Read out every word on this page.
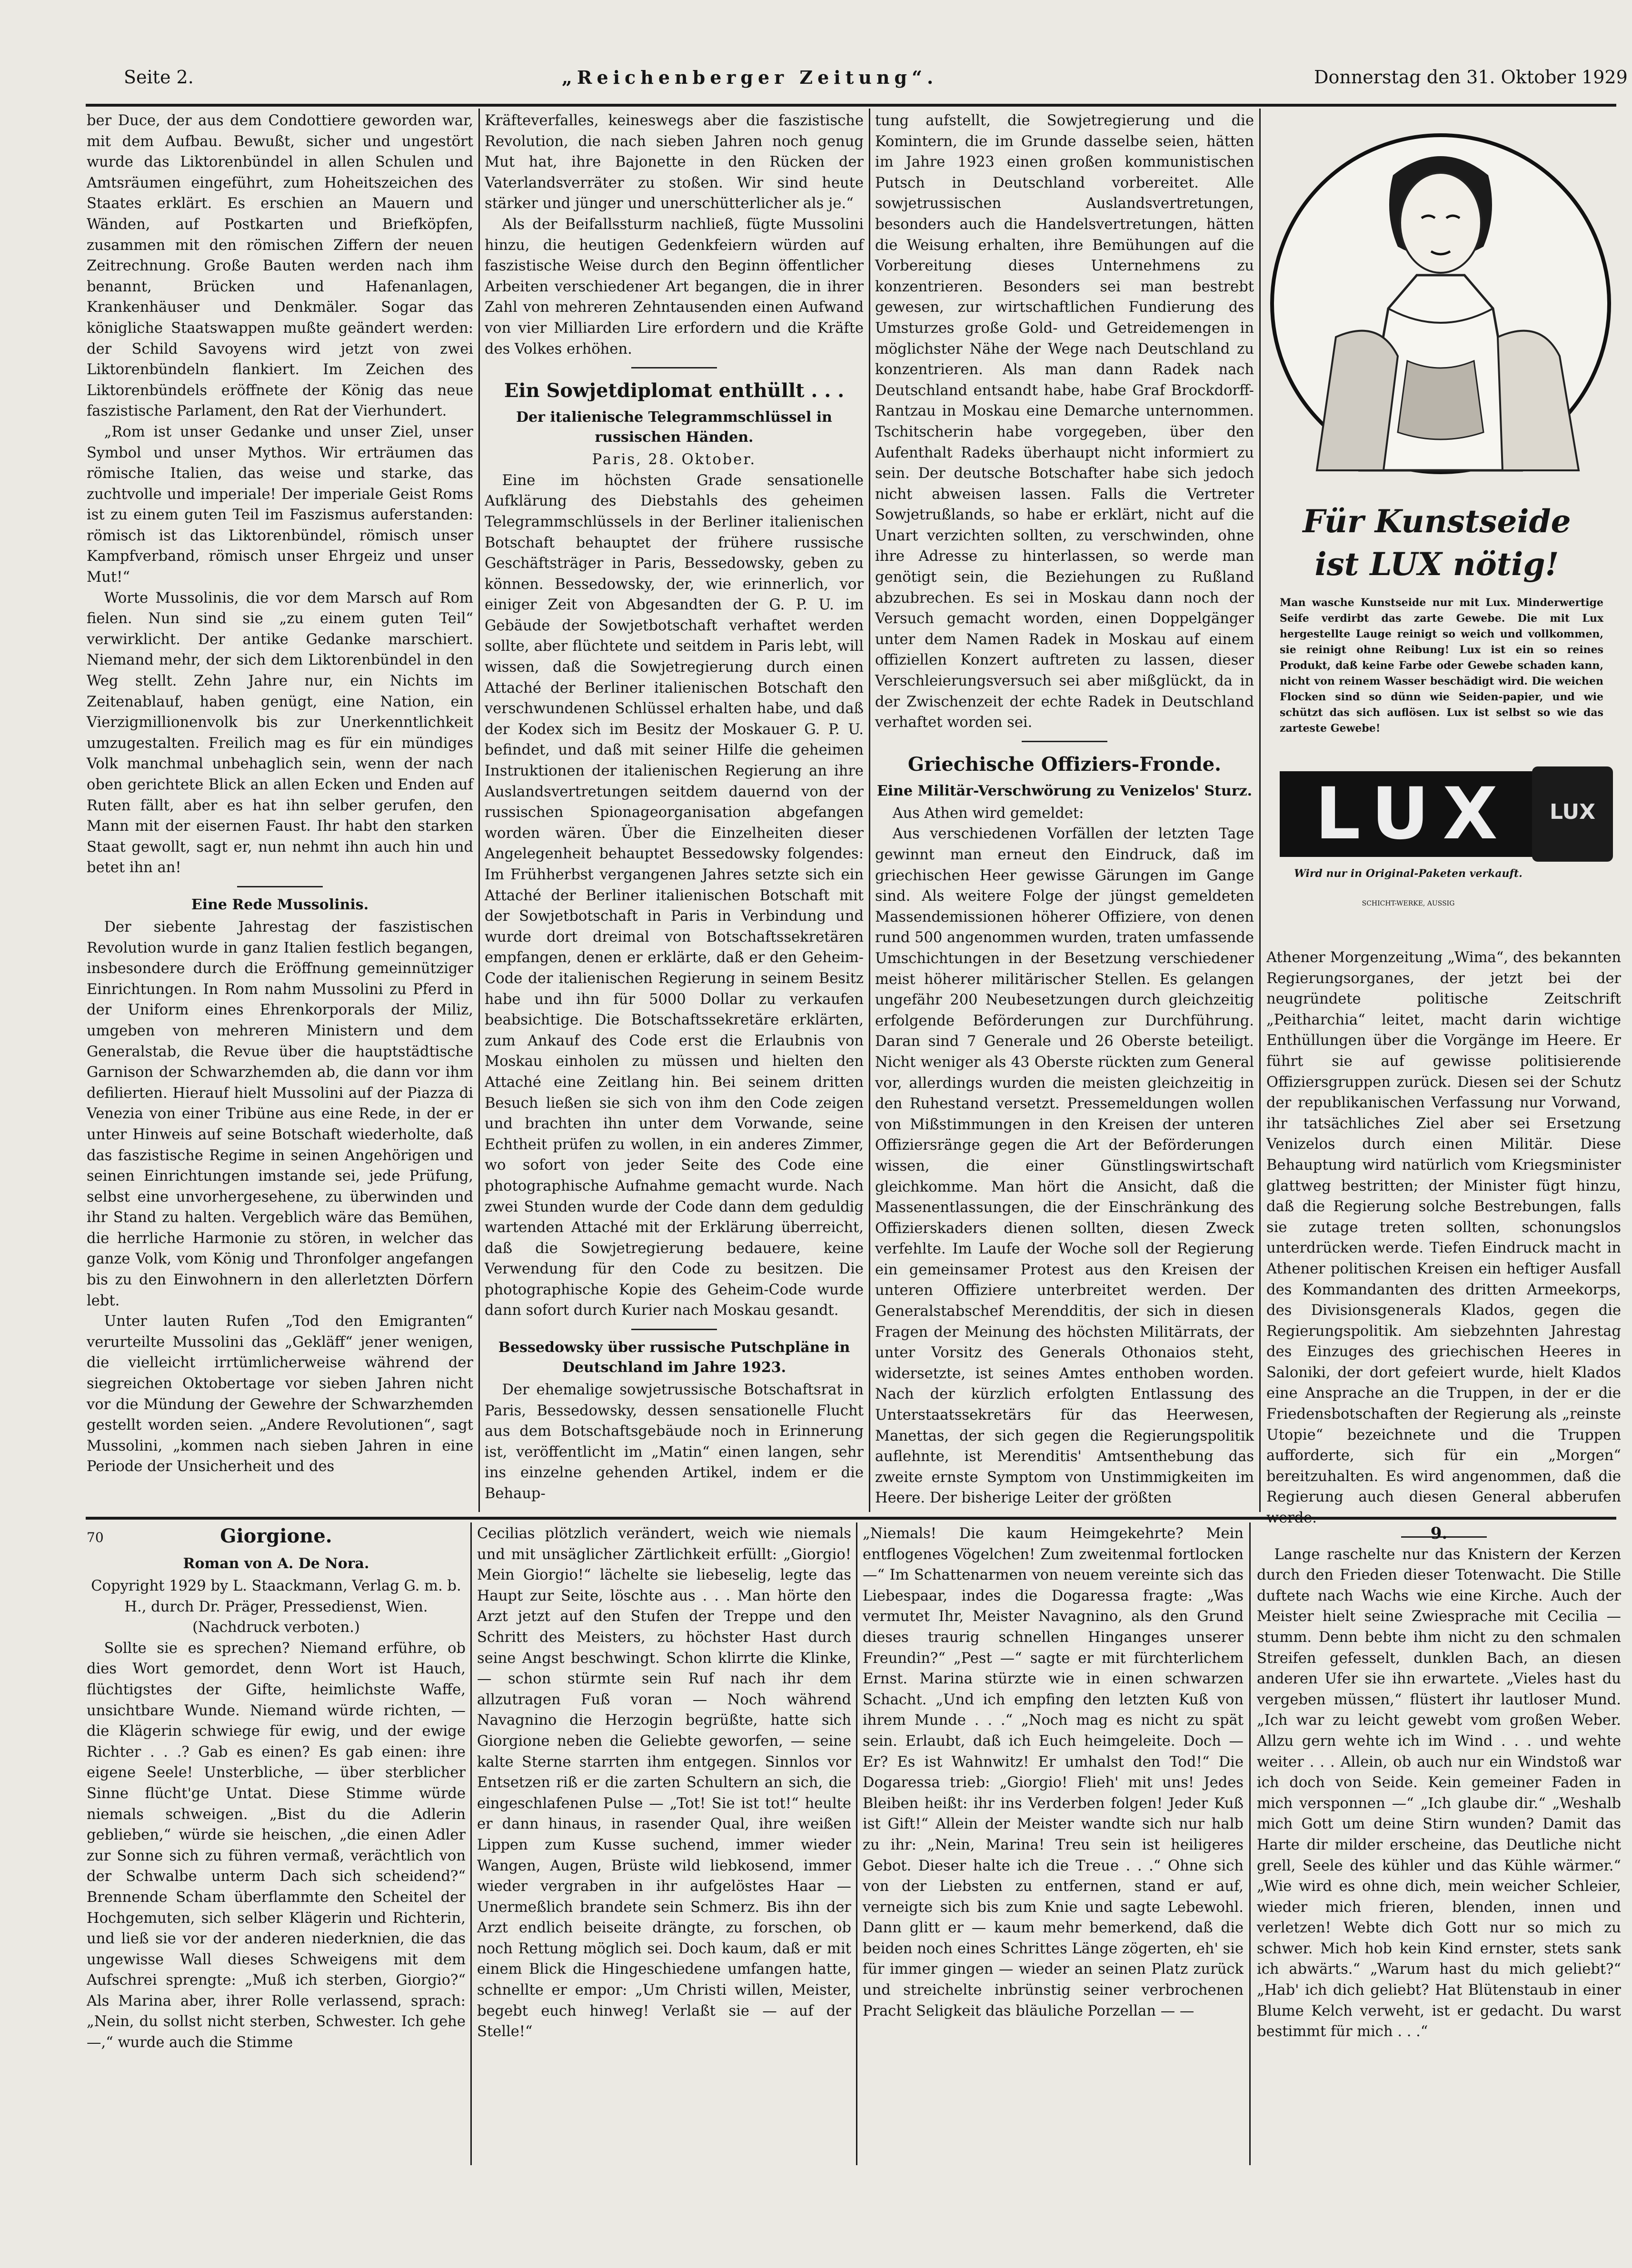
Seite 2.	„Reichenberger Zeitung“.	Donnerstag den 31. Oktober 1929

ber Duce, der aus dem Condottiere geworden war, mit dem Aufbau. Bewußt, sicher und ungestört wurde das Liktorenbündel in allen Schulen und Amtsräumen eingeführt, zum Hoheitszeichen des Staates erklärt. Es erschien an Mauern und Wänden, auf Postkarten und Briefköpfen, zusammen mit den römischen Ziffern der neuen Zeitrechnung. Große Bauten werden nach ihm benannt, Brücken und Hafenanlagen, Krankenhäuser und Denkmäler. Sogar das königliche Staatswappen mußte geändert werden: der Schild Savoyens wird jetzt von zwei Liktorenbündeln flankiert. Im Zeichen des Liktorenbündels eröffnete der König das neue faszistische Parlament, den Rat der Vierhundert.

„Rom ist unser Gedanke und unser Ziel, unser Symbol und unser Mythos. Wir erträumen das römische Italien, das weise und starke, das zuchtvolle und imperiale! Der imperiale Geist Roms ist zu einem guten Teil im Faszismus auferstanden: römisch ist das Liktorenbündel, römisch unser Kampfverband, römisch unser Ehrgeiz und unser Mut!“

Worte Mussolinis, die vor dem Marsch auf Rom fielen. Nun sind sie „zu einem guten Teil“ verwirklicht. Der antike Gedanke marschiert. Niemand mehr, der sich dem Liktorenbündel in den Weg stellt. Zehn Jahre nur, ein Nichts im Zeitenablauf, haben genügt, eine Nation, ein Vierzigmillionenvolk bis zur Unerkenntlichkeit umzugestalten. Freilich mag es für ein mündiges Volk manchmal unbehaglich sein, wenn der nach oben gerichtete Blick an allen Ecken und Enden auf Ruten fällt, aber es hat ihn selber gerufen, den Mann mit der eisernen Faust. Ihr habt den starken Staat gewollt, sagt er, nun nehmt ihn auch hin und betet ihn an!

Eine Rede Mussolinis.

Der siebente Jahrestag der faszistischen Revolution wurde in ganz Italien festlich begangen, insbesondere durch die Eröffnung gemeinnütziger Einrichtungen. In Rom nahm Mussolini zu Pferd in der Uniform eines Ehrenkorporals der Miliz, umgeben von mehreren Ministern und dem Generalstab, die Revue über die hauptstädtische Garnison der Schwarzhemden ab, die dann vor ihm defilierten. Hierauf hielt Mussolini auf der Piazza di Venezia von einer Tribüne aus eine Rede, in der er unter Hinweis auf seine Botschaft wiederholte, daß das faszistische Regime in seinen Angehörigen und seinen Einrichtungen imstande sei, jede Prüfung, selbst eine unvorhergesehene, zu überwinden und ihr Stand zu halten. Vergeblich wäre das Bemühen, die herrliche Harmonie zu stören, in welcher das ganze Volk, vom König und Thronfolger angefangen bis zu den Einwohnern in den allerletzten Dörfern lebt.

Unter lauten Rufen „Tod den Emigranten“ verurteilte Mussolini das „Gekläff“ jener wenigen, die vielleicht irrtümlicherweise während der siegreichen Oktobertage vor sieben Jahren nicht vor die Mündung der Gewehre der Schwarzhemden gestellt worden seien. „Andere Revolutionen“, sagt Mussolini, „kommen nach sieben Jahren in eine Periode der Unsicherheit und des

Kräfteverfalles, keineswegs aber die faszistische Revolution, die nach sieben Jahren noch genug Mut hat, ihre Bajonette in den Rücken der Vaterlandsverräter zu stoßen. Wir sind heute stärker und jünger und unerschütterlicher als je.“

Als der Beifallssturm nachließ, fügte Mussolini hinzu, die heutigen Gedenkfeiern würden auf faszistische Weise durch den Beginn öffentlicher Arbeiten verschiedener Art begangen, die in ihrer Zahl von mehreren Zehntausenden einen Aufwand von vier Milliarden Lire erfordern und die Kräfte des Volkes erhöhen.

Ein Sowjetdiplomat enthüllt . . .

Der italienische Telegrammschlüssel in russischen Händen.

Paris, 28. Oktober.

Eine im höchsten Grade sensationelle Aufklärung des Diebstahls des geheimen Telegrammschlüssels in der Berliner italienischen Botschaft behauptet der frühere russische Geschäftsträger in Paris, Bessedowsky, geben zu können. Bessedowsky, der, wie erinnerlich, vor einiger Zeit von Abgesandten der G. P. U. im Gebäude der Sowjetbotschaft verhaftet werden sollte, aber flüchtete und seitdem in Paris lebt, will wissen, daß die Sowjetregierung durch einen Attaché der Berliner italienischen Botschaft den verschwundenen Schlüssel erhalten habe, und daß der Kodex sich im Besitz der Moskauer G. P. U. befindet, und daß mit seiner Hilfe die geheimen Instruktionen der italienischen Regierung an ihre Auslandsvertretungen seitdem dauernd von der russischen Spionageorganisation abgefangen worden wären. Über die Einzelheiten dieser Angelegenheit behauptet Bessedowsky folgendes: Im Frühherbst vergangenen Jahres setzte sich ein Attaché der Berliner italienischen Botschaft mit der Sowjetbotschaft in Paris in Verbindung und wurde dort dreimal von Botschaftssekretären empfangen, denen er erklärte, daß er den Geheim-Code der italienischen Regierung in seinem Besitz habe und ihn für 5000 Dollar zu verkaufen beabsichtige. Die Botschaftssekretäre erklärten, zum Ankauf des Code erst die Erlaubnis von Moskau einholen zu müssen und hielten den Attaché eine Zeitlang hin. Bei seinem dritten Besuch ließen sie sich von ihm den Code zeigen und brachten ihn unter dem Vorwande, seine Echtheit prüfen zu wollen, in ein anderes Zimmer, wo sofort von jeder Seite des Code eine photographische Aufnahme gemacht wurde. Nach zwei Stunden wurde der Code dann dem geduldig wartenden Attaché mit der Erklärung überreicht, daß die Sowjetregierung bedauere, keine Verwendung für den Code zu besitzen. Die photographische Kopie des Geheim-Code wurde dann sofort durch Kurier nach Moskau gesandt.

Bessedowsky über russische Putschpläne in Deutschland im Jahre 1923.

Der ehemalige sowjetrussische Botschaftsrat in Paris, Bessedowsky, dessen sensationelle Flucht aus dem Botschaftsgebäude noch in Erinnerung ist, veröffentlicht im „Matin“ einen langen, sehr ins einzelne gehenden Artikel, indem er die Behaup-

tung aufstellt, die Sowjetregierung und die Komintern, die im Grunde dasselbe seien, hätten im Jahre 1923 einen großen kommunistischen Putsch in Deutschland vorbereitet. Alle sowjetrussischen Auslandsvertretungen, besonders auch die Handelsvertretungen, hätten die Weisung erhalten, ihre Bemühungen auf die Vorbereitung dieses Unternehmens zu konzentrieren. Besonders sei man bestrebt gewesen, zur wirtschaftlichen Fundierung des Umsturzes große Gold- und Getreidemengen in möglichster Nähe der Wege nach Deutschland zu konzentrieren. Als man dann Radek nach Deutschland entsandt habe, habe Graf Brockdorff-Rantzau in Moskau eine Demarche unternommen. Tschitscherin habe vorgegeben, über den Aufenthalt Radeks überhaupt nicht informiert zu sein. Der deutsche Botschafter habe sich jedoch nicht abweisen lassen. Falls die Vertreter Sowjetrußlands, so habe er erklärt, nicht auf die Unart verzichten sollten, zu verschwinden, ohne ihre Adresse zu hinterlassen, so werde man genötigt sein, die Beziehungen zu Rußland abzubrechen. Es sei in Moskau dann noch der Versuch gemacht worden, einen Doppelgänger unter dem Namen Radek in Moskau auf einem offiziellen Konzert auftreten zu lassen, dieser Verschleierungsversuch sei aber mißglückt, da in der Zwischenzeit der echte Radek in Deutschland verhaftet worden sei.

Griechische Offiziers-Fronde.

Eine Militär-Verschwörung zu Venizelos' Sturz.

Aus Athen wird gemeldet:

Aus verschiedenen Vorfällen der letzten Tage gewinnt man erneut den Eindruck, daß im griechischen Heer gewisse Gärungen im Gange sind. Als weitere Folge der jüngst gemeldeten Massendemissionen höherer Offiziere, von denen rund 500 angenommen wurden, traten umfassende Umschichtungen in der Besetzung verschiedener meist höherer militärischer Stellen. Es gelangen ungefähr 200 Neubesetzungen durch gleichzeitig erfolgende Beförderungen zur Durchführung. Daran sind 7 Generale und 26 Oberste beteiligt. Nicht weniger als 43 Oberste rückten zum General vor, allerdings wurden die meisten gleichzeitig in den Ruhestand versetzt. Pressemeldungen wollen von Mißstimmungen in den Kreisen der unteren Offiziersränge gegen die Art der Beförderungen wissen, die einer Günstlingswirtschaft gleichkomme. Man hört die Ansicht, daß die Massenentlassungen, die der Einschränkung des Offizierskaders dienen sollten, diesen Zweck verfehlte. Im Laufe der Woche soll der Regierung ein gemeinsamer Protest aus den Kreisen der unteren Offiziere unterbreitet werden. Der Generalstabschef Merendditis, der sich in diesen Fragen der Meinung des höchsten Militärrats, der unter Vorsitz des Generals Othonaios steht, widersetzte, ist seines Amtes enthoben worden. Nach der kürzlich erfolgten Entlassung des Unterstaatssekretärs für das Heerwesen, Manettas, der sich gegen die Regierungspolitik auflehnte, ist Merenditis' Amtsenthebung das zweite ernste Symptom von Unstimmigkeiten im Heere. Der bisherige Leiter der größten

Für Kunstseide
ist LUX nötig!
Man wasche Kunstseide nur mit Lux. Minderwertige Seife verdirbt das zarte Gewebe. Die mit Lux hergestellte Lauge reinigt so weich und vollkommen, sie reinigt ohne Reibung! Lux ist ein so reines Produkt, daß keine Farbe oder Gewebe schaden kann, nicht von reinem Wasser beschädigt wird. Die weichen Flocken sind so dünn wie Seiden-papier, und wie schützt das sich auflösen. Lux ist selbst so wie das zarteste Gewebe!
LUX	LUX
Wird nur in Original-Paketen verkauft.
SCHICHT-WERKE, AUSSIG

Athener Morgenzeitung „Wima“, des bekannten Regierungsorganes, der jetzt bei der neugründete politische Zeitschrift „Peitharchia“ leitet, macht darin wichtige Enthüllungen über die Vorgänge im Heere. Er führt sie auf gewisse politisierende Offiziersgruppen zurück. Diesen sei der Schutz der republikanischen Verfassung nur Vorwand, ihr tatsächliches Ziel aber sei Ersetzung Venizelos durch einen Militär. Diese Behauptung wird natürlich vom Kriegsminister glattweg bestritten; der Minister fügt hinzu, daß die Regierung solche Bestrebungen, falls sie zutage treten sollten, schonungslos unterdrücken werde. Tiefen Eindruck macht in Athener politischen Kreisen ein heftiger Ausfall des Kommandanten des dritten Armeekorps, des Divisionsgenerals Klados, gegen die Regierungspolitik. Am siebzehnten Jahrestag des Einzuges des griechischen Heeres in Saloniki, der dort gefeiert wurde, hielt Klados eine Ansprache an die Truppen, in der er die Friedensbotschaften der Regierung als „reinste Utopie“ bezeichnete und die Truppen aufforderte, sich für ein „Morgen“ bereitzuhalten. Es wird angenommen, daß die Regierung auch diesen General abberufen werde.

70	Giorgione.

Roman von A. De Nora.

Copyright 1929 by L. Staackmann, Verlag G. m. b. H., durch Dr. Präger, Pressedienst, Wien.

(Nachdruck verboten.)

Sollte sie es sprechen? Niemand erführe, ob dies Wort gemordet, denn Wort ist Hauch, flüchtigstes der Gifte, heimlichste Waffe, unsichtbare Wunde. Niemand würde richten, — die Klägerin schwiege für ewig, und der ewige Richter . . .? Gab es einen? Es gab einen: ihre eigene Seele! Unsterbliche, — über sterblicher Sinne flücht'ge Untat. Diese Stimme würde niemals schweigen. „Bist du die Adlerin geblieben,“ würde sie heischen, „die einen Adler zur Sonne sich zu führen vermaß, verächtlich von der Schwalbe unterm Dach sich scheidend?“ Brennende Scham überflammte den Scheitel der Hochgemuten, sich selber Klägerin und Richterin, und ließ sie vor der anderen niederknien, die das ungewisse Wall dieses Schweigens mit dem Aufschrei sprengte: „Muß ich sterben, Giorgio?“ Als Marina aber, ihrer Rolle verlassend, sprach: „Nein, du sollst nicht sterben, Schwester. Ich gehe —,“ wurde auch die Stimme

Cecilias plötzlich verändert, weich wie niemals und mit unsäglicher Zärtlichkeit erfüllt: „Giorgio! Mein Giorgio!“ lächelte sie liebeselig, legte das Haupt zur Seite, löschte aus . . . Man hörte den Arzt jetzt auf den Stufen der Treppe und den Schritt des Meisters, zu höchster Hast durch seine Angst beschwingt. Schon klirrte die Klinke, — schon stürmte sein Ruf nach ihr dem allzutragen Fuß voran — Noch während Navagnino die Herzogin begrüßte, hatte sich Giorgione neben die Geliebte geworfen, — seine kalte Sterne starrten ihm entgegen. Sinnlos vor Entsetzen riß er die zarten Schultern an sich, die eingeschlafenen Pulse — „Tot! Sie ist tot!“ heulte er dann hinaus, in rasender Qual, ihre weißen Lippen zum Kusse suchend, immer wieder Wangen, Augen, Brüste wild liebkosend, immer wieder vergraben in ihr aufgelöstes Haar — Unermeßlich brandete sein Schmerz. Bis ihn der Arzt endlich beiseite drängte, zu forschen, ob noch Rettung möglich sei. Doch kaum, daß er mit einem Blick die Hingeschiedene umfangen hatte, schnellte er empor: „Um Christi willen, Meister, begebt euch hinweg! Verlaßt sie — auf der Stelle!“

„Niemals! Die kaum Heimgekehrte? Mein entflogenes Vögelchen! Zum zweitenmal fortlocken —“ Im Schattenarmen von neuem vereinte sich das Liebespaar, indes die Dogaressa fragte: „Was vermutet Ihr, Meister Navagnino, als den Grund dieses traurig schnellen Hinganges unserer Freundin?“ „Pest —“ sagte er mit fürchterlichem Ernst. Marina stürzte wie in einen schwarzen Schacht. „Und ich empfing den letzten Kuß von ihrem Munde . . .“ „Noch mag es nicht zu spät sein. Erlaubt, daß ich Euch heimgeleite. Doch — Er? Es ist Wahnwitz! Er umhalst den Tod!“ Die Dogaressa trieb: „Giorgio! Flieh' mit uns! Jedes Bleiben heißt: ihr ins Verderben folgen! Jeder Kuß ist Gift!“ Allein der Meister wandte sich nur halb zu ihr: „Nein, Marina! Treu sein ist heiligeres Gebot. Dieser halte ich die Treue . . .“ Ohne sich von der Liebsten zu entfernen, stand er auf, verneigte sich bis zum Knie und sagte Lebewohl. Dann glitt er — kaum mehr bemerkend, daß die beiden noch eines Schrittes Länge zögerten, eh' sie für immer gingen — wieder an seinen Platz zurück und streichelte inbrünstig seiner verbrochenen Pracht Seligkeit das bläuliche Porzellan — —

9.

Lange raschelte nur das Knistern der Kerzen durch den Frieden dieser Totenwacht. Die Stille duftete nach Wachs wie eine Kirche. Auch der Meister hielt seine Zwiesprache mit Cecilia — stumm. Denn bebte ihm nicht zu den schmalen Streifen gefesselt, dunklen Bach, an diesen anderen Ufer sie ihn erwartete. „Vieles hast du vergeben müssen,“ flüstert ihr lautloser Mund. „Ich war zu leicht gewebt vom großen Weber. Allzu gern wehte ich im Wind . . . und wehte weiter . . . Allein, ob auch nur ein Windstoß war ich doch von Seide. Kein gemeiner Faden in mich versponnen —“ „Ich glaube dir.“ „Weshalb mich Gott um deine Stirn wunden? Damit das Harte dir milder erscheine, das Deutliche nicht grell, Seele des kühler und das Kühle wärmer.“ „Wie wird es ohne dich, mein weicher Schleier, wieder mich frieren, blenden, innen und verletzen! Webte dich Gott nur so mich zu schwer. Mich hob kein Kind ernster, stets sank ich abwärts.“ „Warum hast du mich geliebt?“ „Hab' ich dich geliebt? Hat Blütenstaub in einer Blume Kelch verweht, ist er gedacht. Du warst bestimmt für mich . . .“
